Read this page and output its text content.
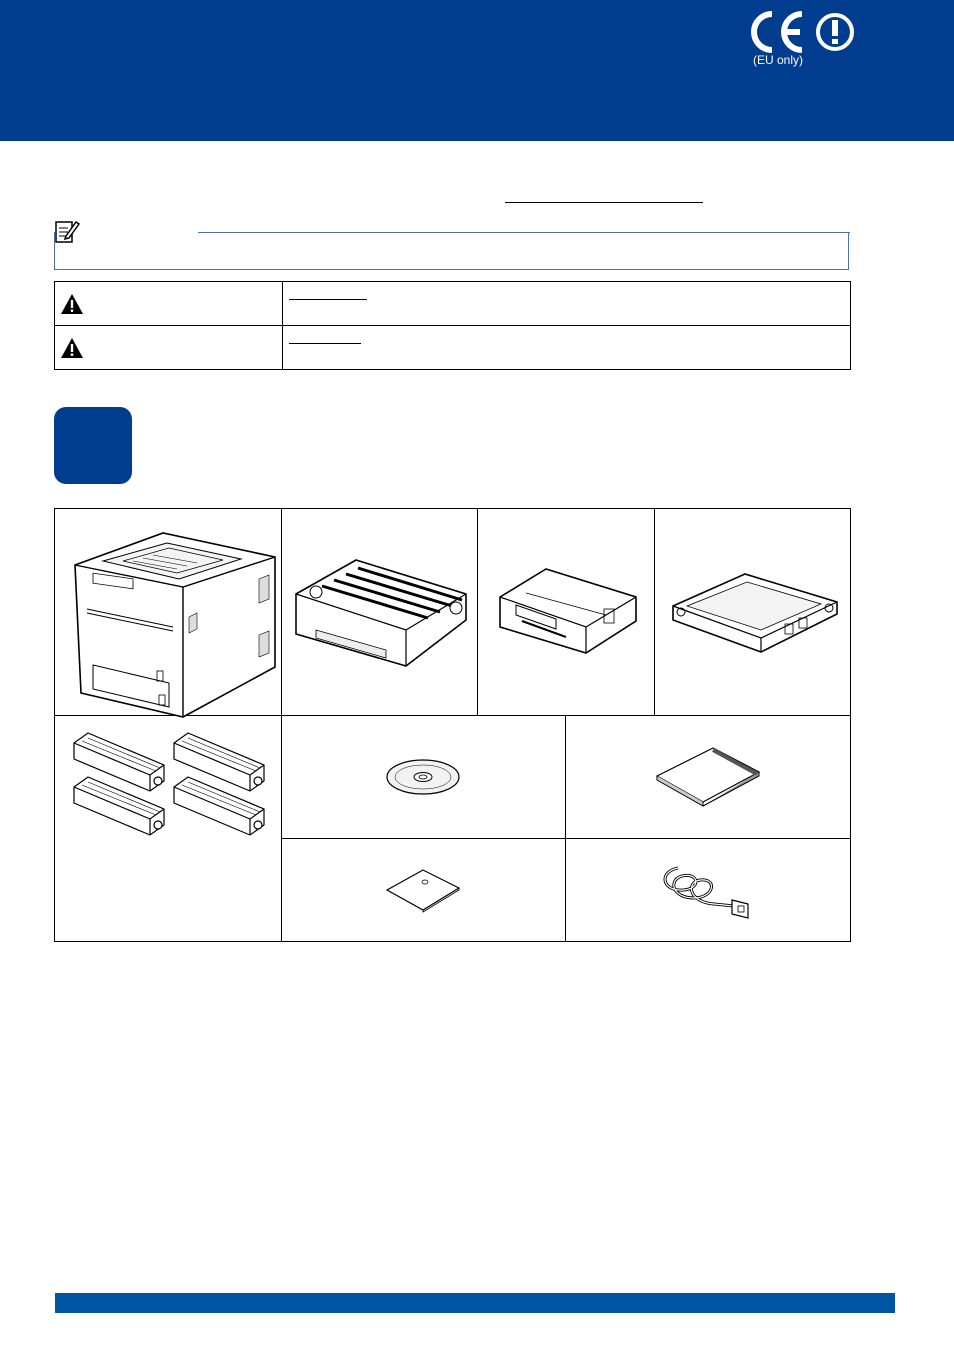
(EU only)
